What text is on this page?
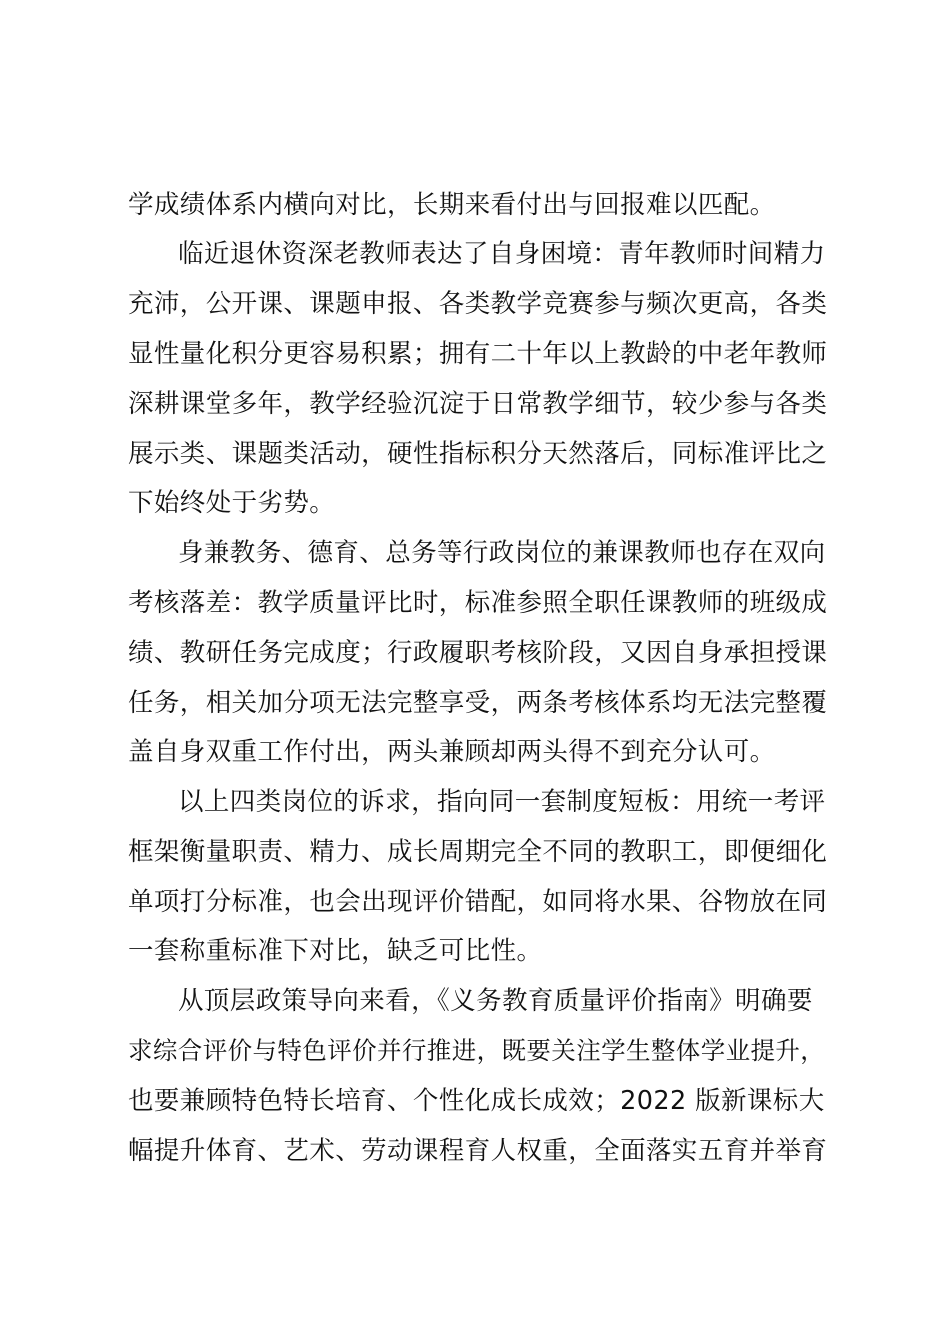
学成绩体系内横向对比，长期来看付出与回报难以匹配。
临近退休资深老教师表达了自身困境：青年教师时间精力
充沛，公开课、课题申报、各类教学竞赛参与频次更高，各类
显性量化积分更容易积累；拥有二十年以上教龄的中老年教师
深耕课堂多年，教学经验沉淀于日常教学细节，较少参与各类
展示类、课题类活动，硬性指标积分天然落后，同标准评比之
下始终处于劣势。
身兼教务、德育、总务等行政岗位的兼课教师也存在双向
考核落差：教学质量评比时，标准参照全职任课教师的班级成
绩、教研任务完成度；行政履职考核阶段，又因自身承担授课
任务，相关加分项无法完整享受，两条考核体系均无法完整覆
盖自身双重工作付出，两头兼顾却两头得不到充分认可。
以上四类岗位的诉求，指向同一套制度短板：用统一考评
框架衡量职责、精力、成长周期完全不同的教职工，即便细化
单项打分标准，也会出现评价错配，如同将水果、谷物放在同
一套称重标准下对比，缺乏可比性。
从顶层政策导向来看，《义务教育质量评价指南》明确要
求综合评价与特色评价并行推进，既要关注学生整体学业提升，
也要兼顾特色特长培育、个性化成长成效；2022 版新课标大
幅提升体育、艺术、劳动课程育人权重，全面落实五育并举育
